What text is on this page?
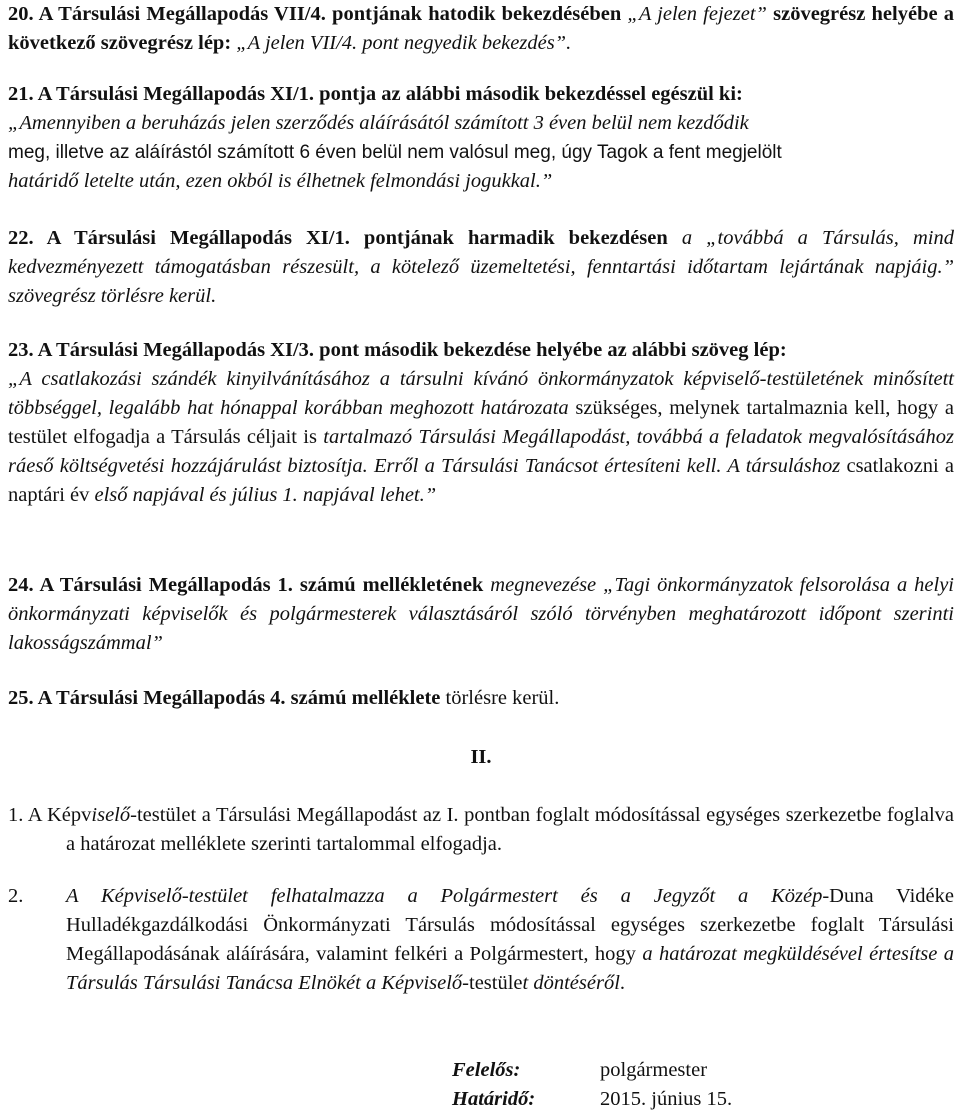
20. A Társulási Megállapodás VII/4. pontjának hatodik bekezdésében „A jelen fejezet” szövegrész helyébe a következő szövegrész lép: „A jelen VII/4. pont negyedik bekezdés”.

21. A Társulási Megállapodás XI/1. pontja az alábbi második bekezdéssel egészül ki:
„Amennyiben a beruházás jelen szerződés aláírásától számított 3 éven belül nem kezdődik
meg, illetve az aláírástól számított 6 éven belül nem valósul meg, úgy Tagok a fent megjelölt
határidő letelte után, ezen okból is élhetnek felmondási jogukkal.”

22. A Társulási Megállapodás XI/1. pontjának harmadik bekezdésen a „továbbá a Társulás, mind kedvezményezett támogatásban részesült, a kötelező üzemeltetési, fenntartási időtartam lejártának napjáig.” szövegrész törlésre kerül.

23. A Társulási Megállapodás XI/3. pont második bekezdése helyébe az alábbi szöveg lép:
„A csatlakozási szándék kinyilvánításához a társulni kívánó önkormányzatok képviselő-testületének minősített többséggel, legalább hat hónappal korábban meghozott határozata szükséges, melynek tartalmaznia kell, hogy a testület elfogadja a Társulás céljait is tartalmazó Társulási Megállapodást, továbbá a feladatok megvalósításához ráeső költségvetési hozzájárulást biztosítja. Erről a Társulási Tanácsot értesíteni kell. A társuláshoz csatlakozni a naptári év első napjával és július 1. napjával lehet.”

24. A Társulási Megállapodás 1. számú mellékletének megnevezése „Tagi önkormányzatok felsorolása a helyi önkormányzati képviselők és polgármesterek választásáról szóló törvényben meghatározott időpont szerinti lakosságszámmal”

25. A Társulási Megállapodás 4. számú melléklete törlésre kerül.

II.

1. A Képviselő-testület a Társulási Megállapodást az I. pontban foglalt módosítással egységes szerkezetbe foglalva a határozat melléklete szerinti tartalommal elfogadja.

2. A Képviselő-testület felhatalmazza a Polgármestert és a Jegyzőt a Közép-Duna Vidéke Hulladékgazdálkodási Önkormányzati Társulás módosítással egységes szerkezetbe foglalt Társulási Megállapodásának aláírására, valamint felkéri a Polgármestert, hogy a határozat megküldésével értesítse a Társulás Társulási Tanácsa Elnökét a Képviselő-testület döntéséről.

Felelős:	polgármester
Határidő:	2015. június 15.
